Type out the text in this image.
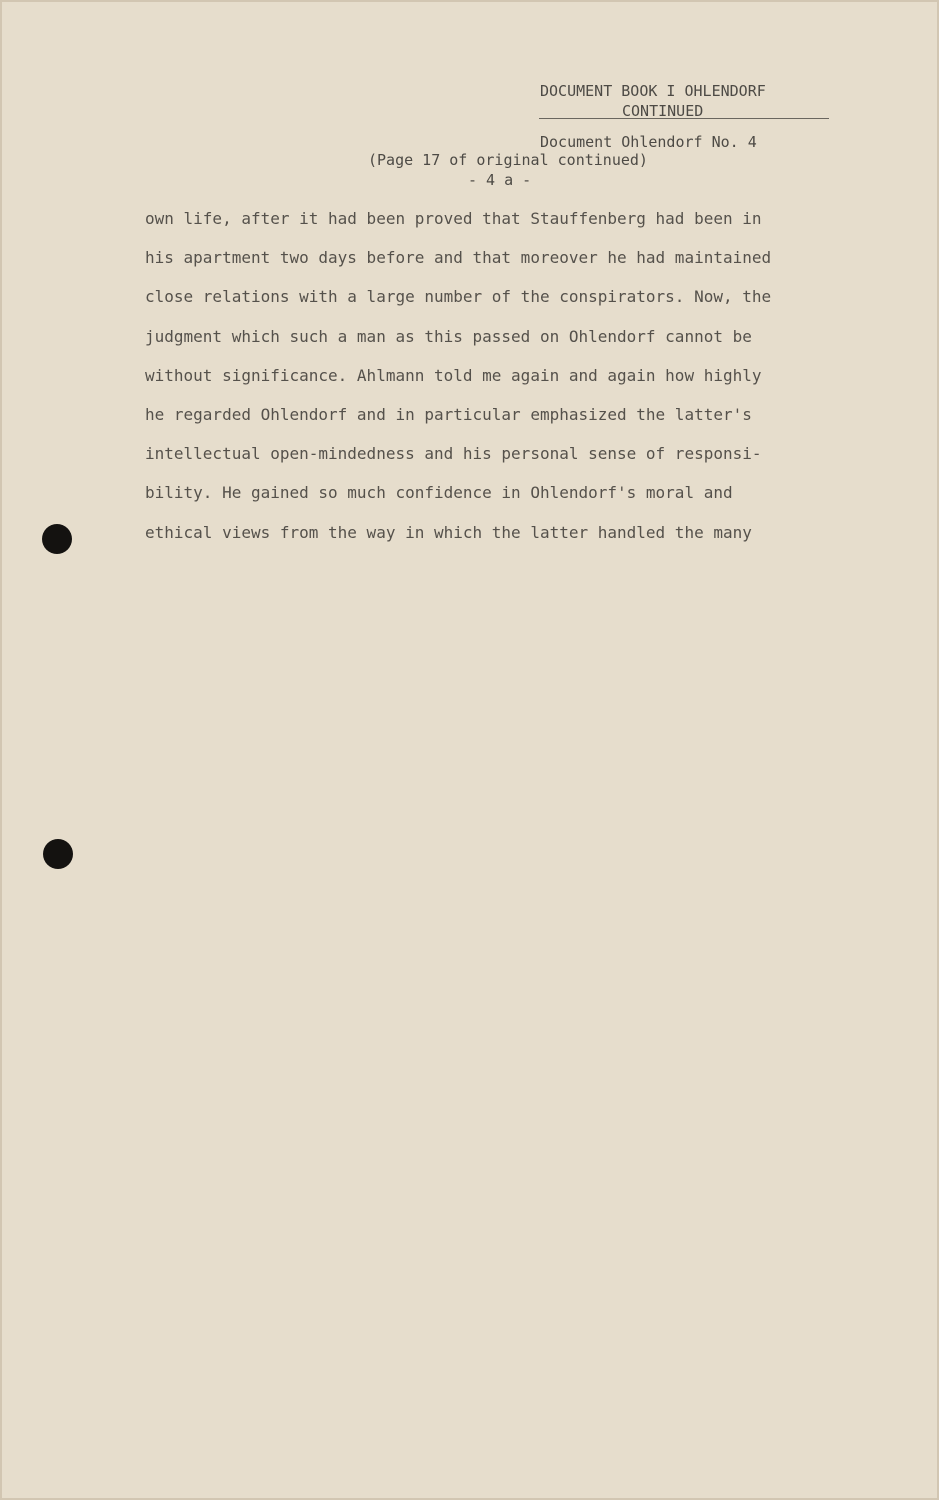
DOCUMENT BOOK I OHLENDORF
CONTINUED
Document Ohlendorf No. 4
(Page 17 of original continued)
- 4 a -
own life, after it had been proved that Stauffenberg had been in
his apartment two days before and that moreover he had maintained
close relations with a large number of the conspirators. Now, the
judgment which such a man as this passed on Ohlendorf cannot be
without significance. Ahlmann told me again and again how highly
he regarded Ohlendorf and in particular emphasized the latter's
intellectual open-mindedness and his personal sense of responsi-
bility. He gained so much confidence in Ohlendorf's moral and
ethical views from the way in which the latter handled the many
